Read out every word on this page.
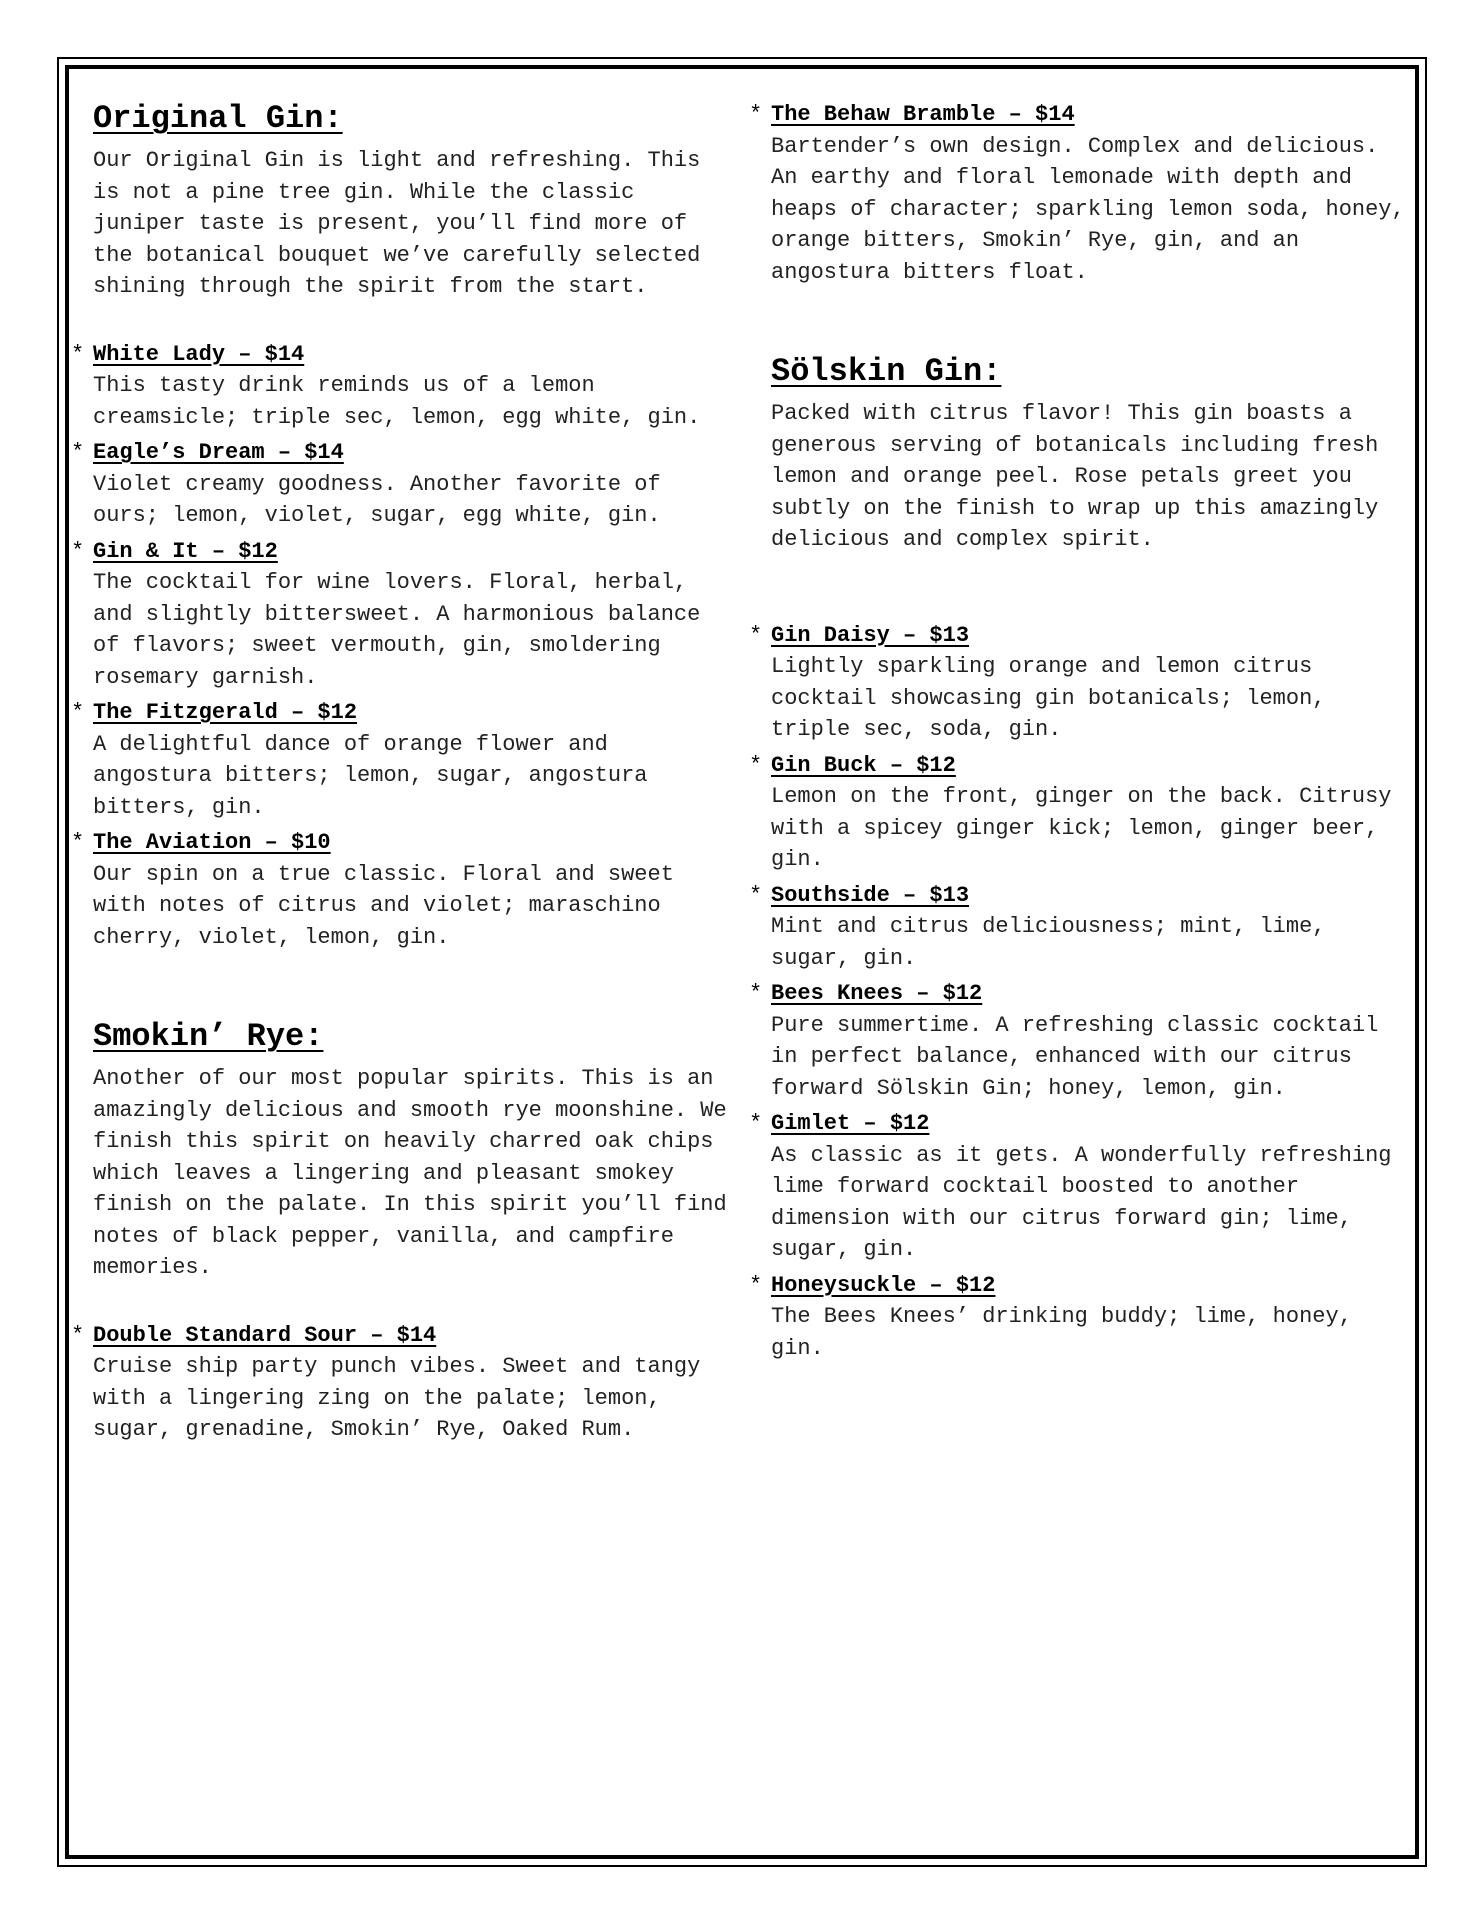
Original Gin:

Our Original Gin is light and refreshing. This is not a pine tree gin. While the classic juniper taste is present, you’ll find more of the botanical bouquet we’ve carefully selected shining through the spirit from the start.

* White Lady – $14

This tasty drink reminds us of a lemon creamsicle; triple sec, lemon, egg white, gin.

* Eagle’s Dream – $14

Violet creamy goodness. Another favorite of ours; lemon, violet, sugar, egg white, gin.

* Gin & It – $12

The cocktail for wine lovers. Floral, herbal, and slightly bittersweet. A harmonious balance of flavors; sweet vermouth, gin, smoldering rosemary garnish.

* The Fitzgerald – $12

A delightful dance of orange flower and angostura bitters; lemon, sugar, angostura bitters, gin.

* The Aviation – $10

Our spin on a true classic. Floral and sweet with notes of citrus and violet; maraschino cherry, violet, lemon, gin.

Smokin’ Rye:

Another of our most popular spirits. This is an amazingly delicious and smooth rye moonshine. We finish this spirit on heavily charred oak chips which leaves a lingering and pleasant smokey finish on the palate. In this spirit you’ll find notes of black pepper, vanilla, and campfire memories.

* Double Standard Sour – $14

Cruise ship party punch vibes. Sweet and tangy with a lingering zing on the palate; lemon, sugar, grenadine, Smokin’ Rye, Oaked Rum.

* The Behaw Bramble – $14

Bartender’s own design. Complex and delicious. An earthy and floral lemonade with depth and heaps of character; sparkling lemon soda, honey, orange bitters, Smokin’ Rye, gin, and an angostura bitters float.

Sölskin Gin:

Packed with citrus flavor! This gin boasts a generous serving of botanicals including fresh lemon and orange peel. Rose petals greet you subtly on the finish to wrap up this amazingly delicious and complex spirit.

* Gin Daisy – $13

Lightly sparkling orange and lemon citrus cocktail showcasing gin botanicals; lemon, triple sec, soda, gin.

* Gin Buck – $12

Lemon on the front, ginger on the back. Citrusy with a spicey ginger kick; lemon, ginger beer, gin.

* Southside – $13

Mint and citrus deliciousness; mint, lime, sugar, gin.

* Bees Knees – $12

Pure summertime. A refreshing classic cocktail in perfect balance, enhanced with our citrus forward Sölskin Gin; honey, lemon, gin.

* Gimlet – $12

As classic as it gets. A wonderfully refreshing lime forward cocktail boosted to another dimension with our citrus forward gin; lime, sugar, gin.

* Honeysuckle – $12

The Bees Knees’ drinking buddy; lime, honey, gin.
